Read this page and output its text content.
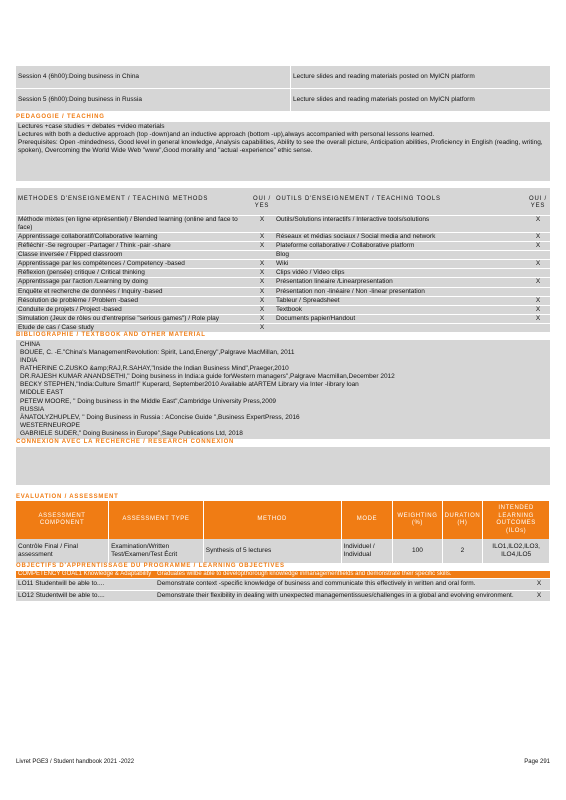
Session 4 (6h00):Doing business in China	Lecture slides and reading materials posted on MyICN platform
Session 5 (6h00):Doing business in Russia	Lecture slides and reading materials posted on MyICN platform
PEDAGOGIE / TEACHING
Lectures +case studies + debates +video materials
Lectures with both a deductive approach (top -down)and an inductive approach (bottom -up),always accompanied with personal lessons learned.
Prerequisites: Open -mindedness, Good level in general knowledge, Analysis capabilities, Ability to see the overall picture, Anticipation abilities, Proficiency in English (reading, writing, spoken), Overcoming the World Wide Web "www",Good morality and "actual -experience" ethic sense.
METHODES D'ENSEIGNEMENT / TEACHING METHODS	OUI / YES	OUTILS D'ENSEIGNEMENT / TEACHING TOOLS	OUI / YES
Méthode mixtes (en ligne etprésentiel) / Blended learning (online and face to face)	X	Outils/Solutions interactifs / Interactive tools/solutions	X
Apprentissage collaboratif/Collaborative learning	X	Réseaux et médias sociaux / Social media and network	X
Réfléchir -Se regrouper -Partager / Think -pair -share	X	Plateforme collaborative / Collaborative platform	X
Classe inversée / Flipped classroom		Blog	
Apprentissage par les compétences / Competency -based	X	Wiki	X
Réflexion (pensée) critique / Critical thinking	X	Clips vidéo / Video clips	
Apprentissage par l'action /Learning by doing	X	Présentation linéaire /Linearpresentation	X
Enquête et recherche de données / Inquiry -based	X	Présentation non -linéaire / Non -linear presentation	
Résolution de problème / Problem -based	X	Tableur / Spreadsheet	X
Conduite de projets / Project -based	X	Textbook	X
Simulation (Jeux de rôles ou d'entreprise "serious games") / Role play	X	Documents papier/Handout	X
Etude de cas / Case study	X		
BIBLIOGRAPHIE / TEXTBOOK AND OTHER MATERIAL
CHINA
BOUEE, C. -E."China's ManagementRevolution: Spirit, Land,Energy",Palgrave MacMillan, 2011
INDIA
RATHERINE C.ZUSKO &amp;RAJ,R.SAHAY,"Inside the Indian Business Mind",Praeger,2010
DR.RAJESH KUMAR ANANDSETHI," Doing business in India:a guide forWestern managers",Palgrave Macmillan,December 2012
BECKY STEPHEN,"India:Culture Smart!!" Kuperard, September2010 Available atARTEM Library via Inter -library loan
MIDDLE EAST
PETEW MOORE, " Doing business in the Middle East",Cambridge University Press,2009
RUSSIA
ÄNATOLYZHUPLEV, " Doing Business in Russia : AConcise Guide ",Business ExpertPress, 2016
WESTERNEUROPE
GABRIELE SUDER," Doing Business in Europe",Sage Publications Ltd, 2018
CONNEXION AVEC LA RECHERCHE / RESEARCH CONNEXION
EVALUATION / ASSESSMENT
ASSESSMENT COMPONENT	ASSESSMENT TYPE	METHOD	MODE	WEIGHTING (%)	DURATION (H)	INTENDED LEARNING OUTCOMES (ILOs)
Contrôle Final / Final assessment	Examination/Written Test/Examen/Test Écrit	Synthesis of 5 lectures	Individuel / Individual	100	2	ILO1,ILO2,ILO3, ILO4,ILO5
OBJECTIFS D'APPRENTISSAGE DU PROGRAMME / LEARNING OBJECTIVES
COMPETENCY GOAL1 Knowledge & Adaptability	Graduates willbe able to developthorough knowledge inmanagementfields and demonstrate their specific skills.	
LO11 Studentwill be able to....	Demonstrate context -specific knowledge of business and communicate this effectively in written and oral form.	X
LO12 Studentwill be able to....	Demonstrate their flexibility in dealing with unexpected managementissues/challenges in a global and evolving environment.	X
Livret PGE3 / Student handbook 2021 -2022	Page 291
